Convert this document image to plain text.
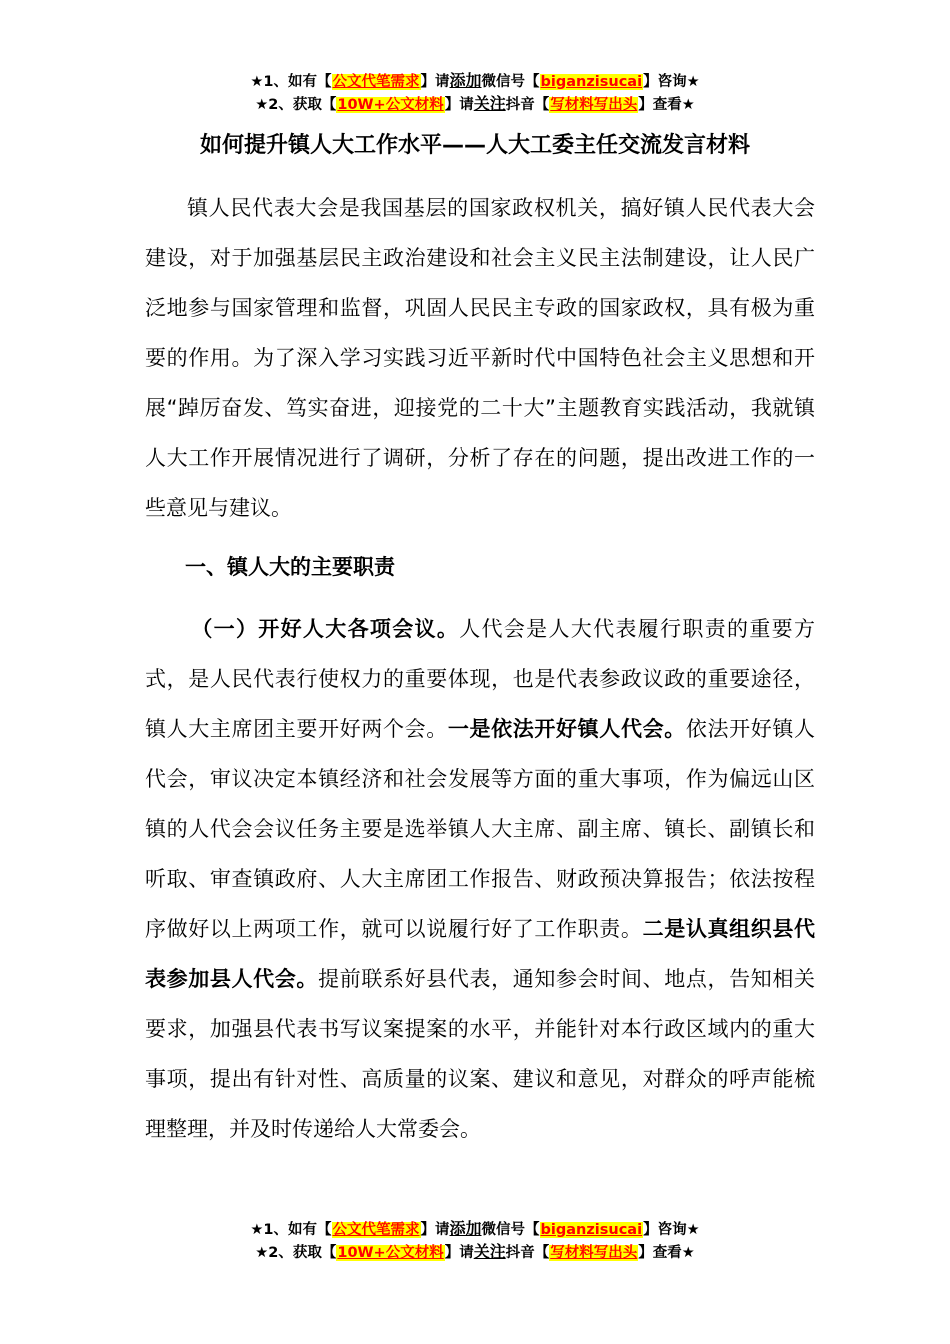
★1、如有【公文代笔需求】请添加微信号【biganzisucai】咨询★
★2、获取【10W+公文材料】请关注抖音【写材料写出头】查看★
如何提升镇人大工作水平——人大工委主任交流发言材料
镇人民代表大会是我国基层的国家政权机关，搞好镇人民代表大会建设，对于加强基层民主政治建设和社会主义民主法制建设，让人民广泛地参与国家管理和监督，巩固人民民主专政的国家政权，具有极为重要的作用。为了深入学习实践习近平新时代中国特色社会主义思想和开展“踔厉奋发、笃实奋进，迎接党的二十大”主题教育实践活动，我就镇人大工作开展情况进行了调研，分析了存在的问题，提出改进工作的一些意见与建议。
一、镇人大的主要职责
（一）开好人大各项会议。人代会是人大代表履行职责的重要方式，是人民代表行使权力的重要体现，也是代表参政议政的重要途径，镇人大主席团主要开好两个会。一是依法开好镇人代会。依法开好镇人代会，审议决定本镇经济和社会发展等方面的重大事项，作为偏远山区镇的人代会会议任务主要是选举镇人大主席、副主席、镇长、副镇长和听取、审查镇政府、人大主席团工作报告、财政预决算报告；依法按程序做好以上两项工作，就可以说履行好了工作职责。二是认真组织县代表参加县人代会。提前联系好县代表，通知参会时间、地点，告知相关要求，加强县代表书写议案提案的水平，并能针对本行政区域内的重大事项，提出有针对性、高质量的议案、建议和意见，对群众的呼声能梳理整理，并及时传递给人大常委会。
★1、如有【公文代笔需求】请添加微信号【biganzisucai】咨询★
★2、获取【10W+公文材料】请关注抖音【写材料写出头】查看★
